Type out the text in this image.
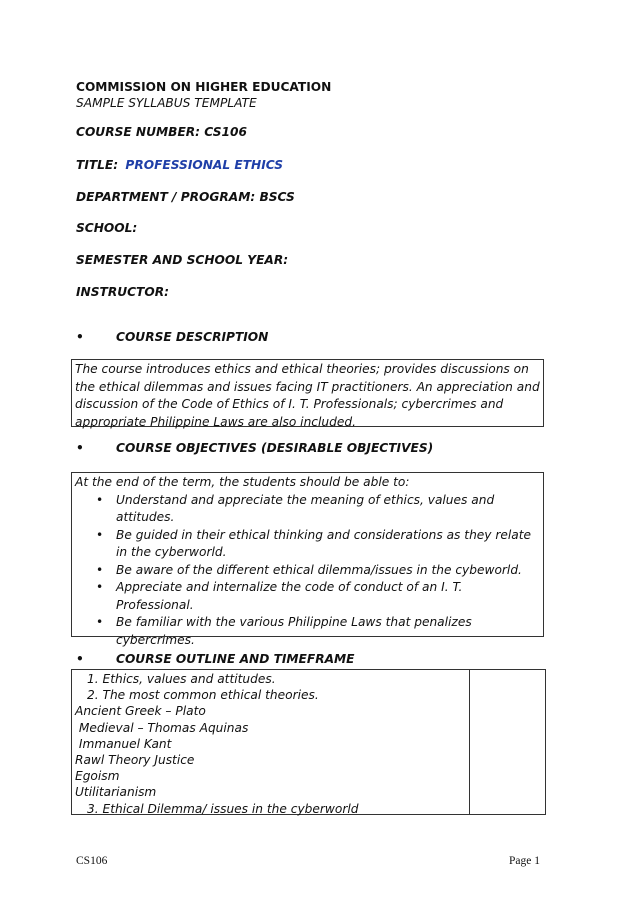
COMMISSION ON HIGHER EDUCATION
SAMPLE SYLLABUS TEMPLATE
COURSE NUMBER: CS106
TITLE: PROFESSIONAL ETHICS
DEPARTMENT / PROGRAM: BSCS
SCHOOL:
SEMESTER AND SCHOOL YEAR:
INSTRUCTOR:
•	COURSE DESCRIPTION
The course introduces ethics and ethical theories; provides discussions on the ethical dilemmas and issues facing IT practitioners. An appreciation and discussion of the Code of Ethics of I. T. Professionals; cybercrimes and appropriate Philippine Laws are also included.
•	COURSE OBJECTIVES (DESIRABLE OBJECTIVES)
At the end of the term, the students should be able to:
• Understand and appreciate the meaning of ethics, values and attitudes.
• Be guided in their ethical thinking and considerations as they relate in the cyberworld.
• Be aware of the different ethical dilemma/issues in the cybeworld.
• Appreciate and internalize the code of conduct of an I. T. Professional.
• Be familiar with the various Philippine Laws that penalizes cybercrimes.
•	COURSE OUTLINE AND TIMEFRAME
1. Ethics, values and attitudes.
2. The most common ethical theories.
Ancient Greek – Plato
Medieval – Thomas Aquinas
Immanuel Kant
Rawl Theory Justice
Egoism
Utilitarianism
3. Ethical Dilemma/ issues in the cyberworld
CS106	Page 1
